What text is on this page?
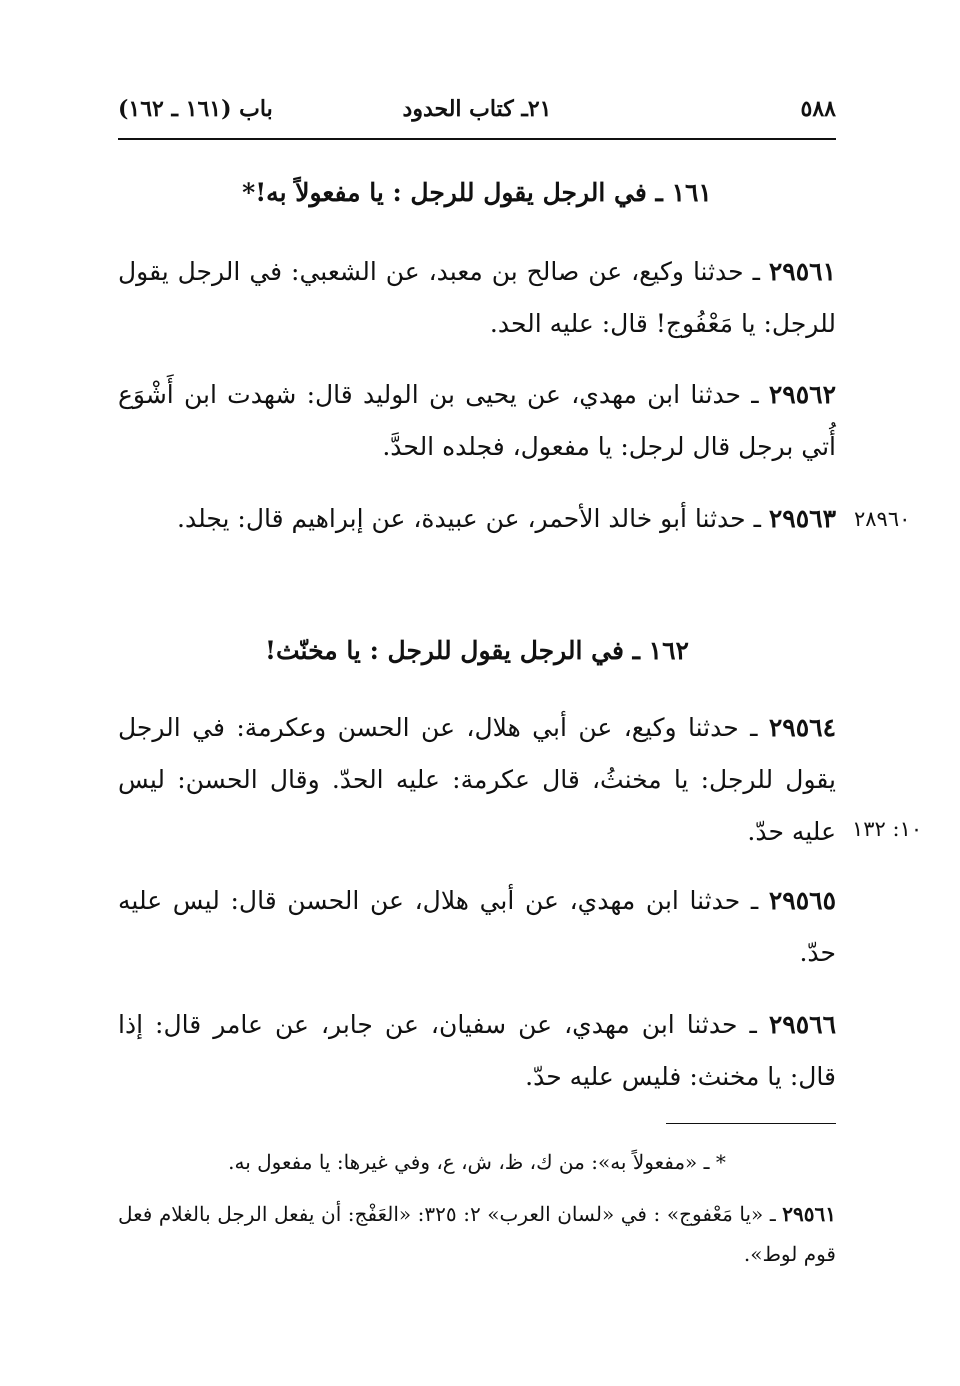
٥٨٨
٢١ـ كتاب الحدود
باب (١٦١ ـ ١٦٢)
١٦١ ـ في الرجل يقول للرجل : يا مفعولاً به!*
٢٩٥٦١ ـ حدثنا وكيع، عن صالح بن معبد، عن الشعبي: في الرجل يقول للرجل: يا مَعْفُوج! قال: عليه الحد.
٢٩٥٦٢ ـ حدثنا ابن مهدي، عن يحيى بن الوليد قال: شهدت ابن أَشْوَع أُتي برجل قال لرجل: يا مفعول، فجلده الحدَّ.
٢٩٥٦٣ ـ حدثنا أبو خالد الأحمر، عن عبيدة، عن إبراهيم قال: يجلد.	٢٨٩٦٠
١٦٢ ـ في الرجل يقول للرجل : يا مخنّث!
٢٩٥٦٤ ـ حدثنا وكيع، عن أبي هلال، عن الحسن وعكرمة: في الرجل يقول للرجل: يا مخنثُ، قال عكرمة: عليه الحدّ. وقال الحسن: ليس عليه حدّ. ١٠: ١٣٢
٢٩٥٦٥ ـ حدثنا ابن مهدي، عن أبي هلال، عن الحسن قال: ليس عليه حدّ.
٢٩٥٦٦ ـ حدثنا ابن مهدي، عن سفيان، عن جابر، عن عامر قال: إذا قال: يا مخنث: فليس عليه حدّ.
* ـ «مفعولاً به»: من ك، ظ، ش، ع، وفي غيرها: يا مفعول به.
٢٩٥٦١ ـ «يا مَعْفوج» : في «لسان العرب» ٢: ٣٢٥: «العَفْج: أن يفعل الرجل بالغلام فعل قوم لوط».
